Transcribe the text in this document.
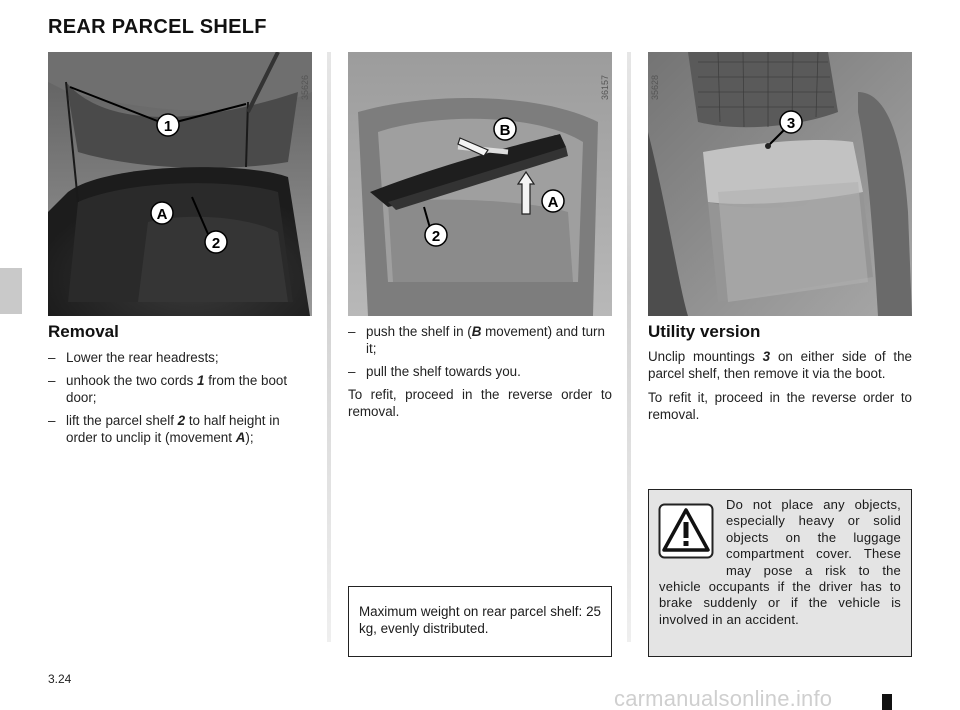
REAR PARCEL SHELF
1
A
2
35626
B
A
2
36157
3
35628
Removal
– Lower the rear headrests;
– unhook the two cords 1 from the boot door;
– lift the parcel shelf 2 to half height in order to unclip it (movement A);
– push the shelf in (B movement) and turn it;
– pull the shelf towards you.
To refit, proceed in the reverse order to removal.
Maximum weight on rear parcel shelf: 25 kg, evenly distributed.
Utility version
Unclip mountings 3 on either side of the parcel shelf, then remove it via the boot.
To refit it, proceed in the reverse order to removal.
Do not place any objects, especially heavy or solid objects on the luggage compartment cover. These may pose a risk to the vehicle occupants if the driver has to brake suddenly or if the vehicle is involved in an accident.
3.24
carmanualsonline.info
